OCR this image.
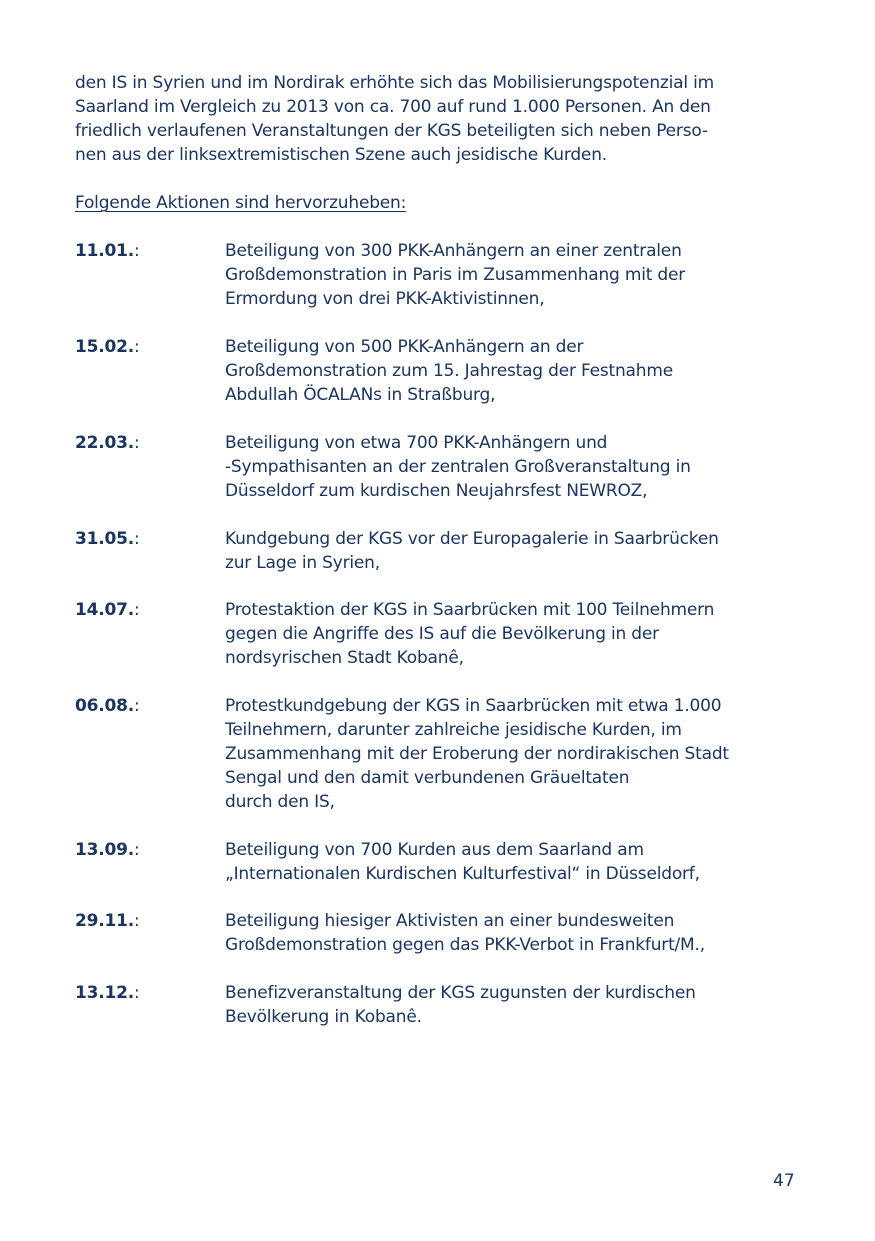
den IS in Syrien und im Nordirak erhöhte sich das Mobilisierungspotenzial im
Saarland im Vergleich zu 2013 von ca. 700 auf rund 1.000 Personen. An den
friedlich verlaufenen Veranstaltungen der KGS beteiligten sich neben Perso-
nen aus der linksextremistischen Szene auch jesidische Kurden.

Folgende Aktionen sind hervorzuheben:

11.01.:	Beteiligung von 300 PKK-Anhängern an einer zentralen
Großdemonstration in Paris im Zusammenhang mit der
Ermordung von drei PKK-Aktivistinnen,
15.02.:	Beteiligung von 500 PKK-Anhängern an der
Großdemonstration zum 15. Jahrestag der Festnahme
Abdullah ÖCALANs in Straßburg,
22.03.:	Beteiligung von etwa 700 PKK-Anhängern und
-Sympathisanten an der zentralen Großveranstaltung in
Düsseldorf zum kurdischen Neujahrsfest NEWROZ,
31.05.:	Kundgebung der KGS vor der Europagalerie in Saarbrücken
zur Lage in Syrien,
14.07.:	Protestaktion der KGS in Saarbrücken mit 100 Teilnehmern
gegen die Angriffe des IS auf die Bevölkerung in der
nordsyrischen Stadt Kobanê,
06.08.:	Protestkundgebung der KGS in Saarbrücken mit etwa 1.000
Teilnehmern, darunter zahlreiche jesidische Kurden, im
Zusammenhang mit der Eroberung der nordirakischen Stadt
Sengal und den damit verbundenen Gräueltaten
durch den IS,
13.09.:	Beteiligung von 700 Kurden aus dem Saarland am
„Internationalen Kurdischen Kulturfestival“ in Düsseldorf,
29.11.:	Beteiligung hiesiger Aktivisten an einer bundesweiten
Großdemonstration gegen das PKK-Verbot in Frankfurt/M.,
13.12.:	Benefizveranstaltung der KGS zugunsten der kurdischen
Bevölkerung in Kobanê.
47
